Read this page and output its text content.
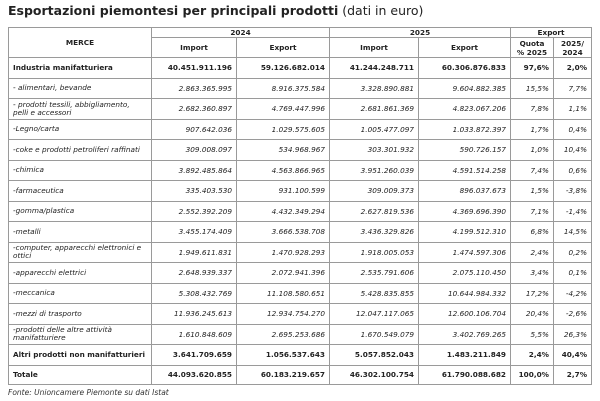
Esportazioni piemontesi per principali prodotti (dati in euro)
MERCE	2024		2025		Export	
	Import	Export	Import	Export	Quota % 2025	2025/ 2024
Industria manifatturiera	40.451.911.196	59.126.682.014	41.244.248.711	60.306.876.833	97,6%	2,0%
- alimentari, bevande	2.863.365.995	8.916.375.584	3.328.890.881	9.604.882.385	15,5%	7,7%
- prodotti tessili, abbigliamento, pelli e accessori	2.682.360.897	4.769.447.996	2.681.861.369	4.823.067.206	7,8%	1,1%
-Legno/carta	907.642.036	1.029.575.605	1.005.477.097	1.033.872.397	1,7%	0,4%
-coke e prodotti petroliferi raffinati	309.008.097	534.968.967	303.301.932	590.726.157	1,0%	10,4%
-chimica	3.892.485.864	4.563.866.965	3.951.260.039	4.591.514.258	7,4%	0,6%
-farmaceutica	335.403.530	931.100.599	309.009.373	896.037.673	1,5%	-3,8%
-gomma/plastica	2.552.392.209	4.432.349.294	2.627.819.536	4.369.696.390	7,1%	-1,4%
-metalli	3.455.174.409	3.666.538.708	3.436.329.826	4.199.512.310	6,8%	14,5%
-computer, apparecchi elettronici e ottici	1.949.611.831	1.470.928.293	1.918.005.053	1.474.597.306	2,4%	0,2%
-apparecchi elettrici	2.648.939.337	2.072.941.396	2.535.791.606	2.075.110.450	3,4%	0,1%
-meccanica	5.308.432.769	11.108.580.651	5.428.835.855	10.644.984.332	17,2%	-4,2%
-mezzi di trasporto	11.936.245.613	12.934.754.270	12.047.117.065	12.600.106.704	20,4%	-2,6%
-prodotti delle altre attività manifatturiere	1.610.848.609	2.695.253.686	1.670.549.079	3.402.769.265	5,5%	26,3%
Altri prodotti non manifatturieri	3.641.709.659	1.056.537.643	5.057.852.043	1.483.211.849	2,4%	40,4%
Totale	44.093.620.855	60.183.219.657	46.302.100.754	61.790.088.682	100,0%	2,7%
Fonte: Unioncamere Piemonte su dati Istat
